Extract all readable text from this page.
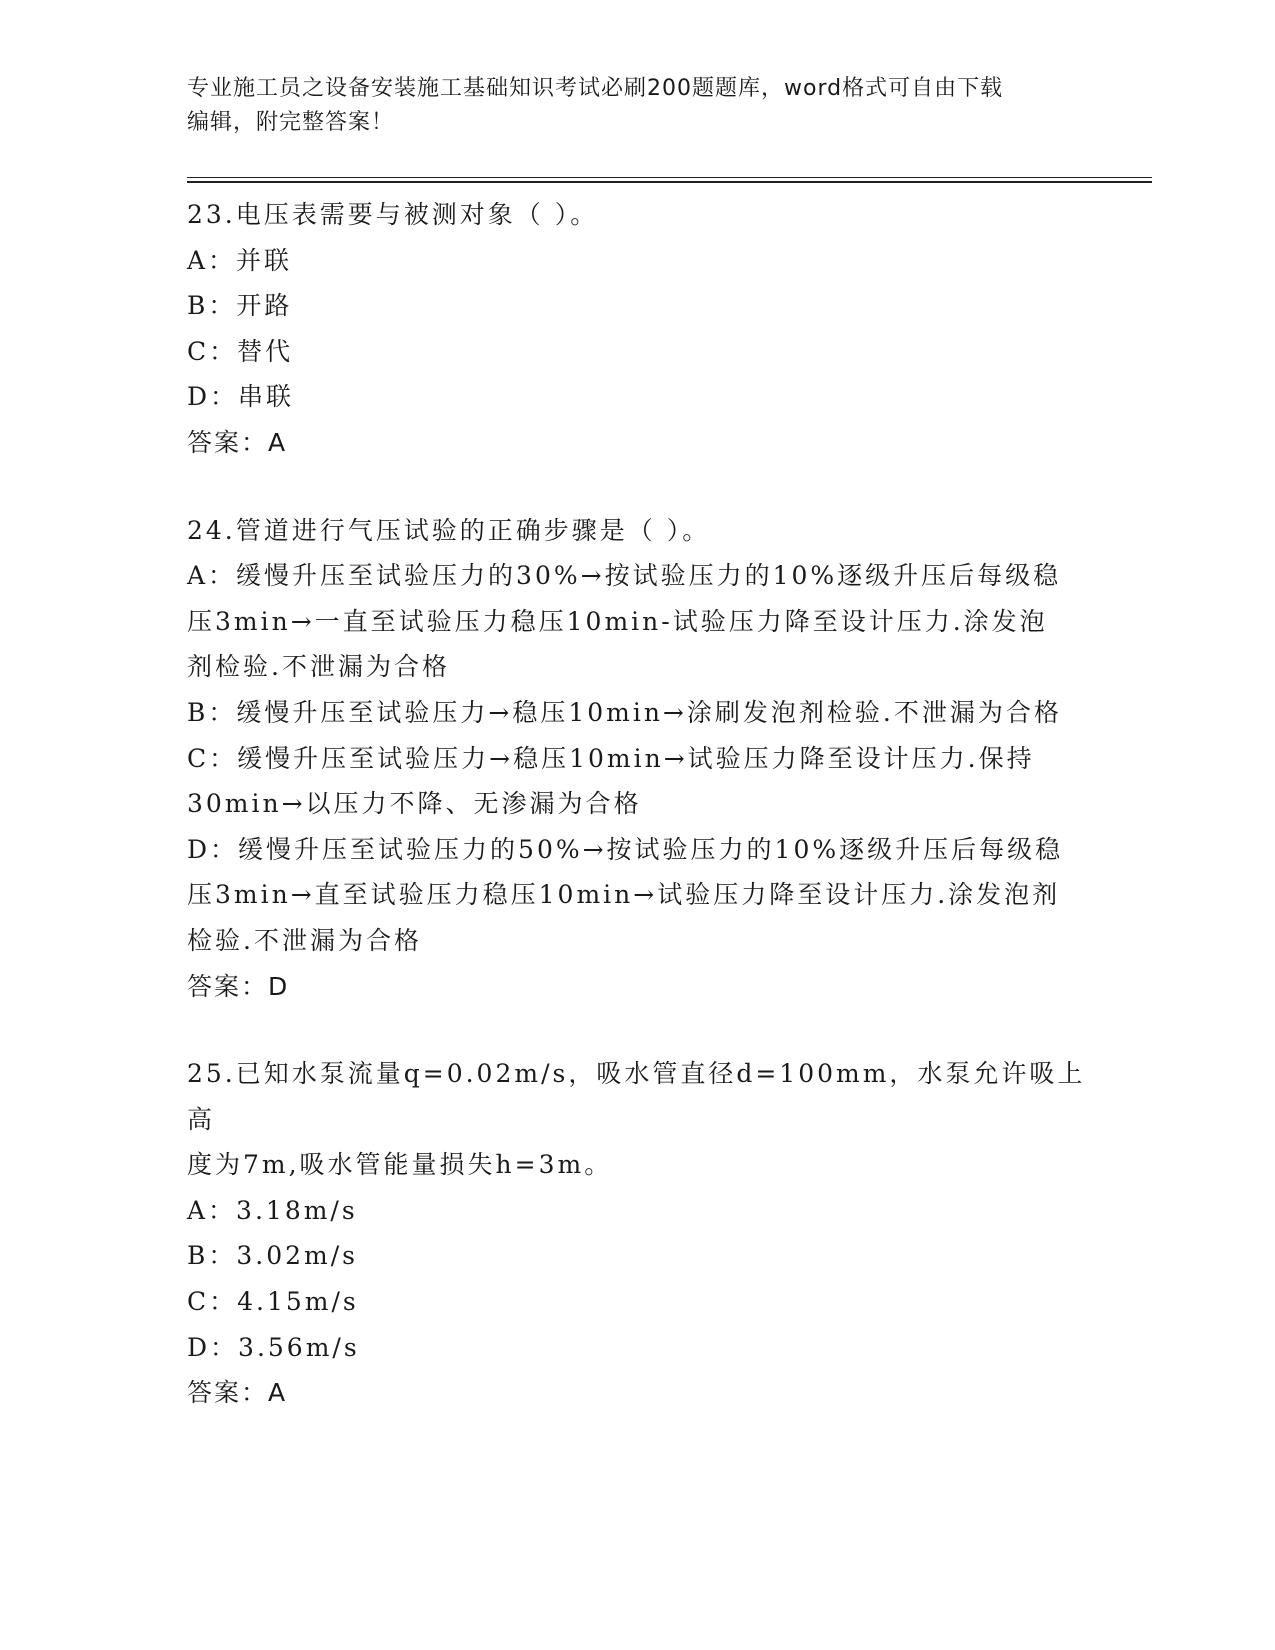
专业施工员之设备安装施工基础知识考试必刷200题题库，word格式可自由下载
编辑，附完整答案！
23.电压表需要与被测对象（ ）。
A：并联
B：开路
C：替代
D：串联
答案：A
24.管道进行气压试验的正确步骤是（ ）。
A：缓慢升压至试验压力的30%→按试验压力的10%逐级升压后每级稳
压3min→一直至试验压力稳压10min-试验压力降至设计压力.涂发泡
剂检验.不泄漏为合格
B：缓慢升压至试验压力→稳压10min→涂刷发泡剂检验.不泄漏为合格
C：缓慢升压至试验压力→稳压10min→试验压力降至设计压力.保持
30min→以压力不降、无渗漏为合格
D：缓慢升压至试验压力的50%→按试验压力的10%逐级升压后每级稳
压3min→直至试验压力稳压10min→试验压力降至设计压力.涂发泡剂
检验.不泄漏为合格
答案：D
25.已知水泵流量q=0.02m/s，吸水管直径d=100mm，水泵允许吸上高
度为7m,吸水管能量损失h=3m。
A：3.18m/s
B：3.02m/s
C：4.15m/s
D：3.56m/s
答案：A
